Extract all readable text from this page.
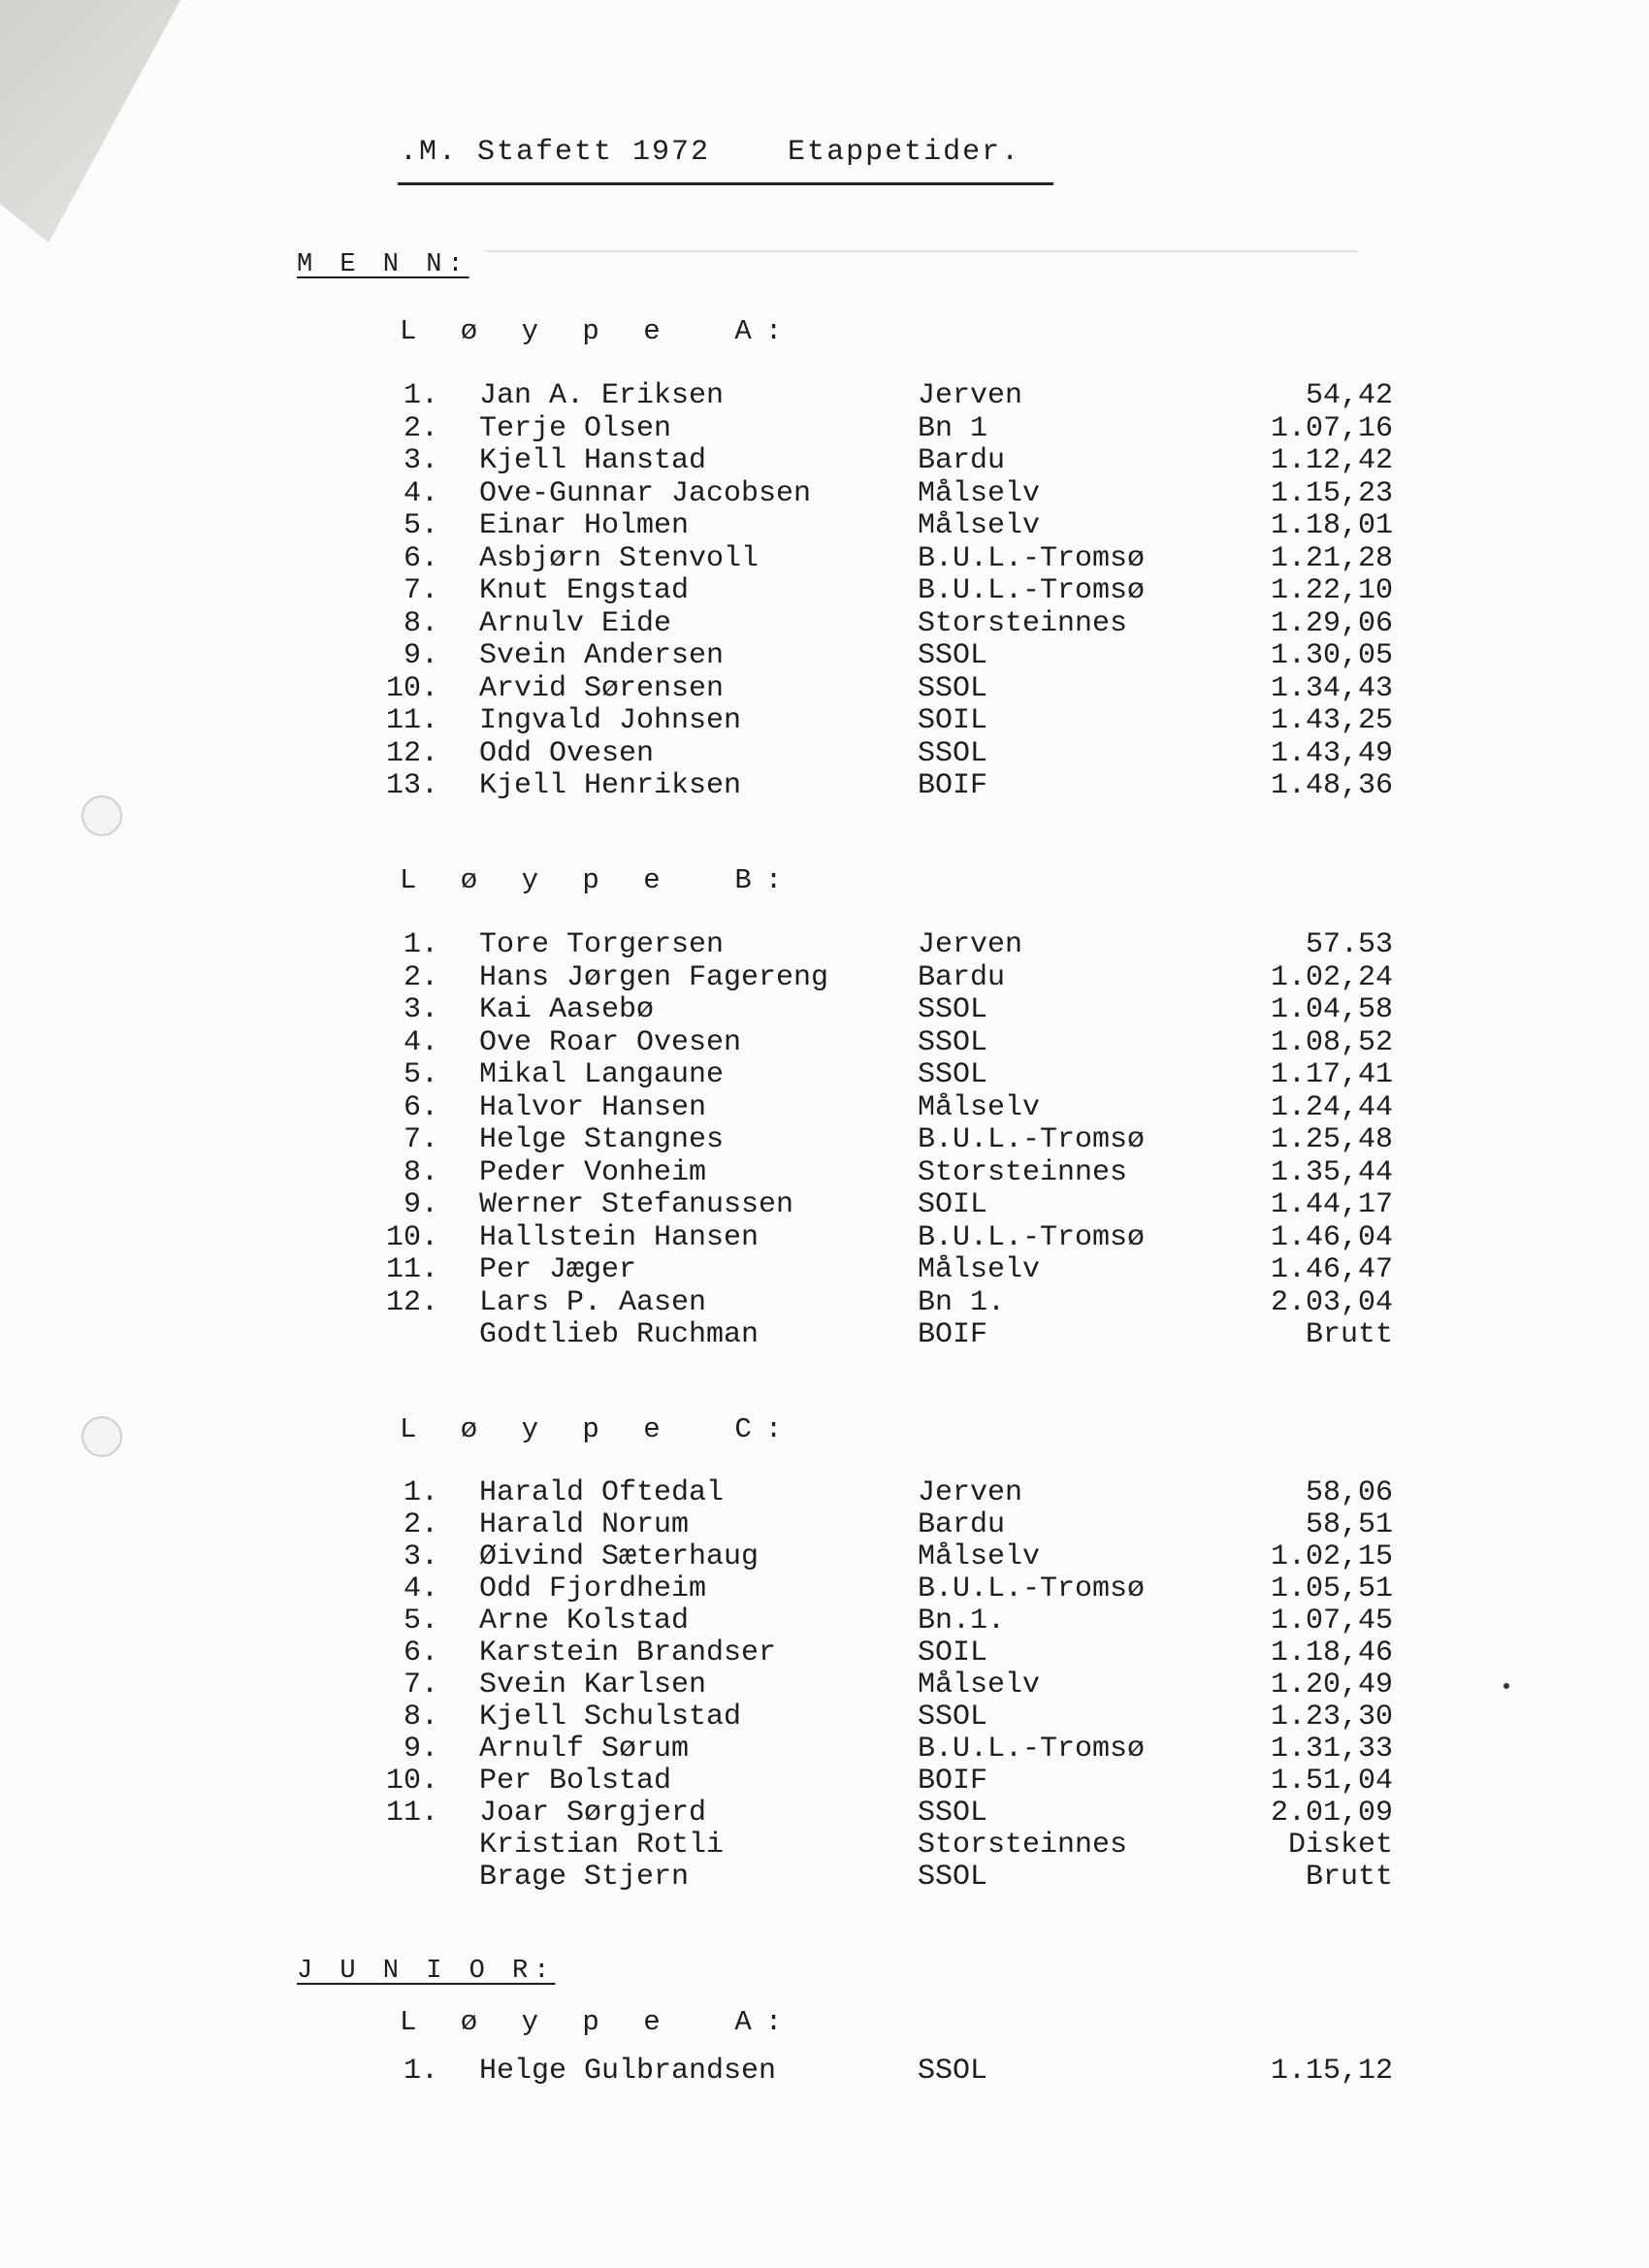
.M. Stafett 1972    Etappetider.
M E N N:
L ø y p e  A:
1. Jan A. Eriksen	Jerven	54,42
2. Terje Olsen	Bn 1	1.07,16
3. Kjell Hanstad	Bardu	1.12,42
4. Ove-Gunnar Jacobsen	Målselv	1.15,23
5. Einar Holmen	Målselv	1.18,01
6. Asbjørn Stenvoll	B.U.L.-Tromsø	1.21,28
7. Knut Engstad	B.U.L.-Tromsø	1.22,10
8. Arnulv Eide	Storsteinnes	1.29,06
9. Svein Andersen	SSOL	1.30,05
10. Arvid Sørensen	SSOL	1.34,43
11. Ingvald Johnsen	SOIL	1.43,25
12. Odd Ovesen	SSOL	1.43,49
13. Kjell Henriksen	BOIF	1.48,36
L ø y p e  B:
1. Tore Torgersen	Jerven	57.53
2. Hans Jørgen Fagereng	Bardu	1.02,24
3. Kai Aasebø	SSOL	1.04,58
4. Ove Roar Ovesen	SSOL	1.08,52
5. Mikal Langaune	SSOL	1.17,41
6. Halvor Hansen	Målselv	1.24,44
7. Helge Stangnes	B.U.L.-Tromsø	1.25,48
8. Peder Vonheim	Storsteinnes	1.35,44
9. Werner Stefanussen	SOIL	1.44,17
10. Hallstein Hansen	B.U.L.-Tromsø	1.46,04
11. Per Jæger	Målselv	1.46,47
12. Lars P. Aasen	Bn 1.	2.03,04
Godtlieb Ruchman	BOIF	Brutt
L ø y p e  C:
1. Harald Oftedal	Jerven	58,06
2. Harald Norum	Bardu	58,51
3. Øivind Sæterhaug	Målselv	1.02,15
4. Odd Fjordheim	B.U.L.-Tromsø	1.05,51
5. Arne Kolstad	Bn.1.	1.07,45
6. Karstein Brandser	SOIL	1.18,46
7. Svein Karlsen	Målselv	1.20,49
8. Kjell Schulstad	SSOL	1.23,30
9. Arnulf Sørum	B.U.L.-Tromsø	1.31,33
10. Per Bolstad	BOIF	1.51,04
11. Joar Sørgjerd	SSOL	2.01,09
Kristian Rotli	Storsteinnes	Disket
Brage Stjern	SSOL	Brutt
J U N I O R:
L ø y p e  A:
1. Helge Gulbrandsen	SSOL	1.15,12
